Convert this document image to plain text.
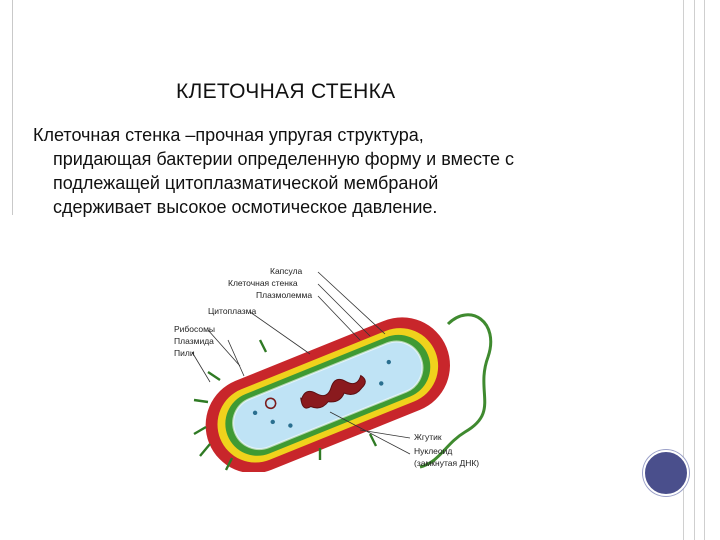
КЛЕТОЧНАЯ СТЕНКА
Клеточная стенка –прочная упругая структура,
придающая бактерии определенную форму и вместе с
подлежащей цитоплазматической мембраной
сдерживает высокое осмотическое давление.
Капсула
Клеточная стенка
Плазмолемма
Цитоплазма
Рибосомы
Плазмида
Пили
Жгутик
Нуклеоид
(замкнутая ДНК)
